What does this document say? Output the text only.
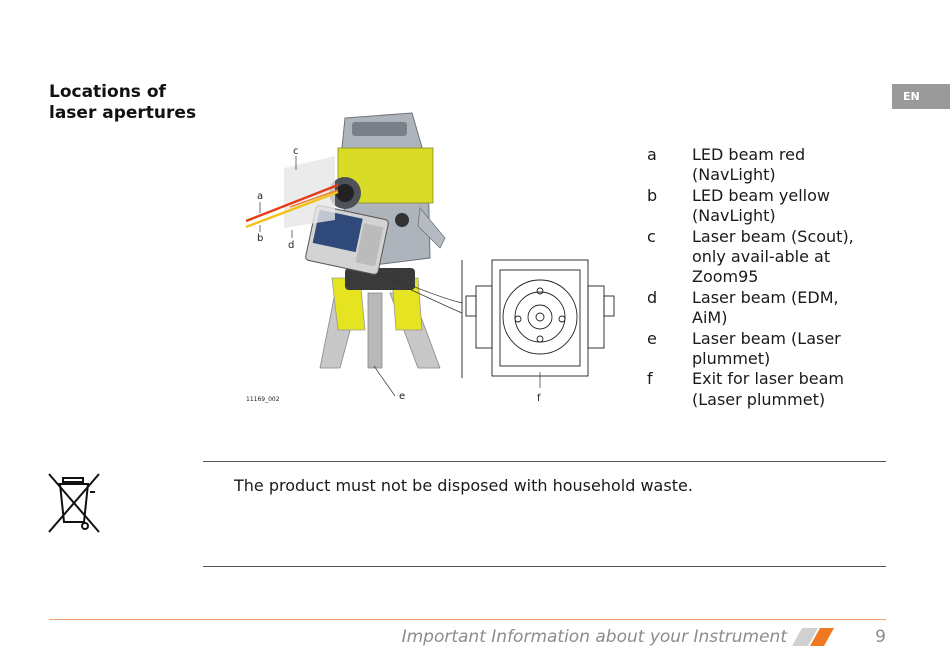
Locations of laser apertures
EN
c
a
b
d
e	f
11169_002
a	LED beam red (NavLight)
b	LED beam yellow (NavLight)
c	Laser beam (Scout), only avail-able at Zoom95
d	Laser beam (EDM, AiM)
e	Laser beam (Laser plummet)
f	Exit for laser beam (Laser plummet)
The product must not be disposed with household waste.
Important Information about your Instrument	9
